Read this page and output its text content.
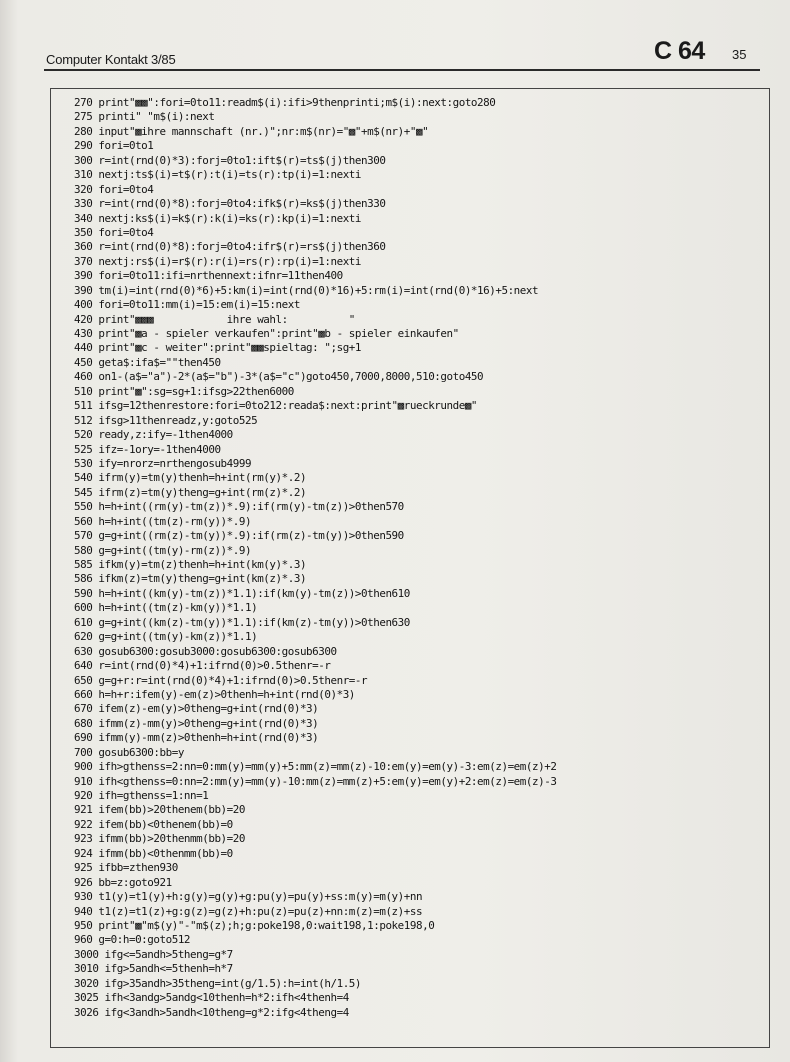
Computer Kontakt 3/85	C 64 35
270 print"▩▩":fori=0to11:readm$(i):ifi>9thenprinti;m$(i):next:goto280
275 printi" "m$(i):next
280 input"▩ihre mannschaft (nr.)";nr:m$(nr)="▩"+m$(nr)+"▩"
290 fori=0to1
300 r=int(rnd(0)*3):forj=0to1:ift$(r)=ts$(j)then300
310 nextj:ts$(i)=t$(r):t(i)=ts(r):tp(i)=1:nexti
320 fori=0to4
330 r=int(rnd(0)*8):forj=0to4:ifk$(r)=ks$(j)then330
340 nextj:ks$(i)=k$(r):k(i)=ks(r):kp(i)=1:nexti
350 fori=0to4
360 r=int(rnd(0)*8):forj=0to4:ifr$(r)=rs$(j)then360
370 nextj:rs$(i)=r$(r):r(i)=rs(r):rp(i)=1:nexti
390 fori=0to11:ifi=nrthennext:ifnr=11then400
390 tm(i)=int(rnd(0)*6)+5:km(i)=int(rnd(0)*16)+5:rm(i)=int(rnd(0)*16)+5:next
400 fori=0to11:mm(i)=15:em(i)=15:next
420 print"▩▩▩            ihre wahl:          "
430 print"▩a - spieler verkaufen":print"▩b - spieler einkaufen"
440 print"▩c - weiter":print"▩▩spieltag: ";sg+1
450 geta$:ifa$=""then450
460 on1-(a$="a")-2*(a$="b")-3*(a$="c")goto450,7000,8000,510:goto450
510 print"▩":sg=sg+1:ifsg>22then6000
511 ifsg=12thenrestore:fori=0to212:reada$:next:print"▩rueckrunde▩"
512 ifsg>11thenreadz,y:goto525
520 ready,z:ify=-1then4000
525 ifz=-1ory=-1then4000
530 ify=nrorz=nrthengosub4999
540 ifrm(y)=tm(y)thenh=h+int(rm(y)*.2)
545 ifrm(z)=tm(y)theng=g+int(rm(z)*.2)
550 h=h+int((rm(y)-tm(z))*.9):if(rm(y)-tm(z))>0then570
560 h=h+int((tm(z)-rm(y))*.9)
570 g=g+int((rm(z)-tm(y))*.9):if(rm(z)-tm(y))>0then590
580 g=g+int((tm(y)-rm(z))*.9)
585 ifkm(y)=tm(z)thenh=h+int(km(y)*.3)
586 ifkm(z)=tm(y)theng=g+int(km(z)*.3)
590 h=h+int((km(y)-tm(z))*1.1):if(km(y)-tm(z))>0then610
600 h=h+int((tm(z)-km(y))*1.1)
610 g=g+int((km(z)-tm(y))*1.1):if(km(z)-tm(y))>0then630
620 g=g+int((tm(y)-km(z))*1.1)
630 gosub6300:gosub3000:gosub6300:gosub6300
640 r=int(rnd(0)*4)+1:ifrnd(0)>0.5thenr=-r
650 g=g+r:r=int(rnd(0)*4)+1:ifrnd(0)>0.5thenr=-r
660 h=h+r:ifem(y)-em(z)>0thenh=h+int(rnd(0)*3)
670 ifem(z)-em(y)>0theng=g+int(rnd(0)*3)
680 ifmm(z)-mm(y)>0theng=g+int(rnd(0)*3)
690 ifmm(y)-mm(z)>0thenh=h+int(rnd(0)*3)
700 gosub6300:bb=y
900 ifh>gthenss=2:nn=0:mm(y)=mm(y)+5:mm(z)=mm(z)-10:em(y)=em(y)-3:em(z)=em(z)+2
910 ifh<gthenss=0:nn=2:mm(y)=mm(y)-10:mm(z)=mm(z)+5:em(y)=em(y)+2:em(z)=em(z)-3
920 ifh=gthenss=1:nn=1
921 ifem(bb)>20thenem(bb)=20
922 ifem(bb)<0thenem(bb)=0
923 ifmm(bb)>20thenmm(bb)=20
924 ifmm(bb)<0thenmm(bb)=0
925 ifbb=zthen930
926 bb=z:goto921
930 t1(y)=t1(y)+h:g(y)=g(y)+g:pu(y)=pu(y)+ss:m(y)=m(y)+nn
940 t1(z)=t1(z)+g:g(z)=g(z)+h:pu(z)=pu(z)+nn:m(z)=m(z)+ss
950 print"▩"m$(y)"-"m$(z);h;g:poke198,0:wait198,1:poke198,0
960 g=0:h=0:goto512
3000 ifg<=5andh>5theng=g*7
3010 ifg>5andh<=5thenh=h*7
3020 ifg>35andh>35theng=int(g/1.5):h=int(h/1.5)
3025 ifh<3andg>5andg<10thenh=h*2:ifh<4thenh=4
3026 ifg<3andh>5andh<10theng=g*2:ifg<4theng=4
